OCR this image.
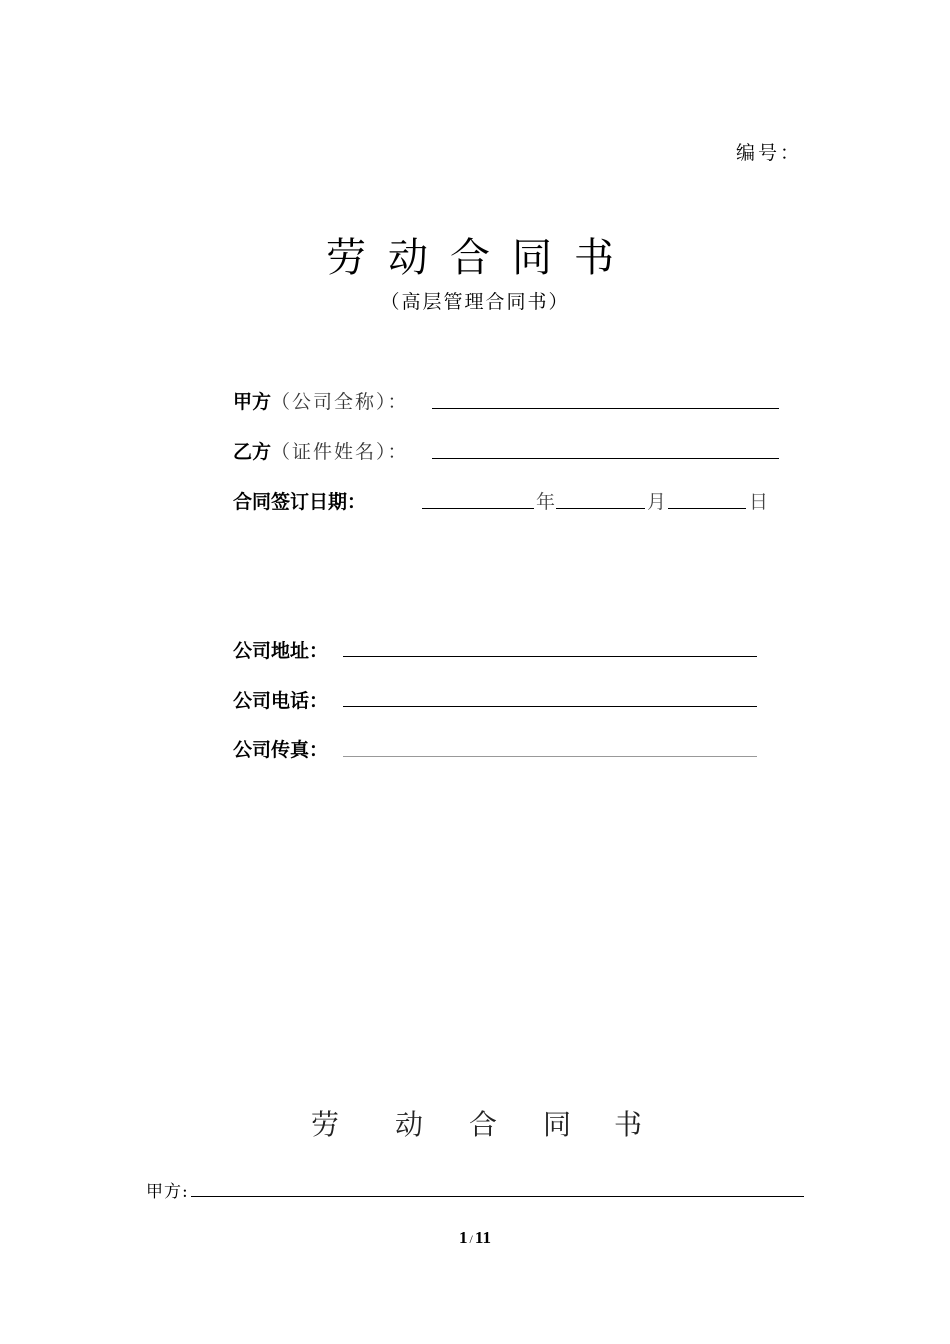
编号：
劳动合同书
（高层管理合同书）
甲方（公司全称）：
乙方（证件姓名）：
合同签订日期：	年	月	日
公司地址：
公司电话：
公司传真：
劳 动 合 同 书
甲方:
1 / 11
